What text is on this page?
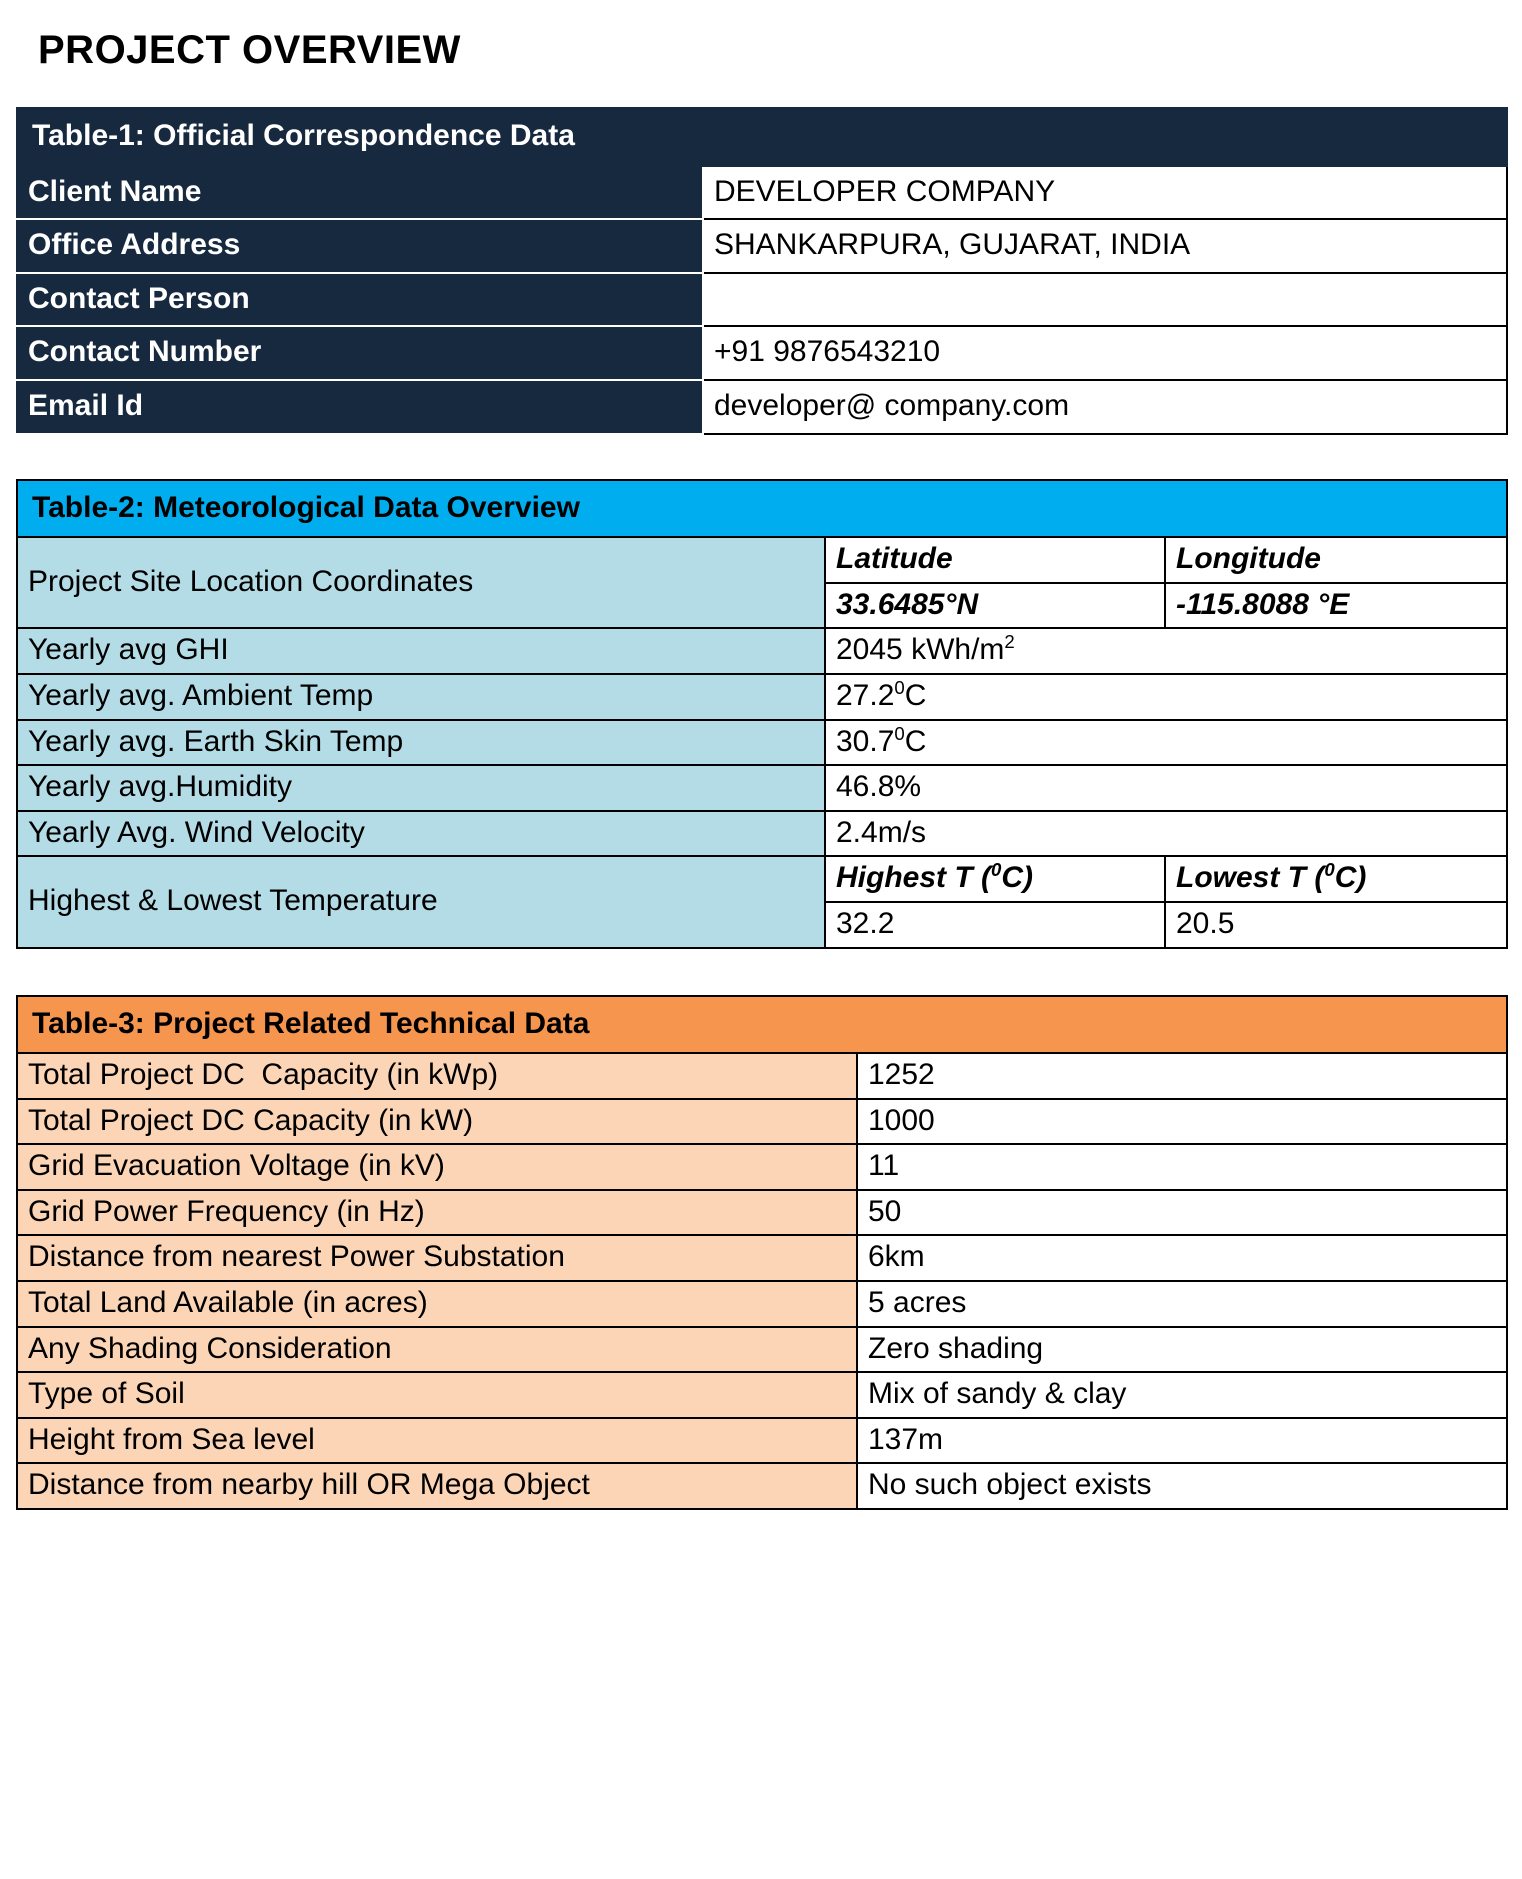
PROJECT OVERVIEW
Table-1: Official Correspondence Data	
Client Name	DEVELOPER COMPANY
Office Address	SHANKARPURA, GUJARAT, INDIA
Contact Person	
Contact Number	+91 9876543210
Email Id	developer@ company.com
Table-2: Meteorological Data Overview		
Project Site Location Coordinates	Latitude	Longitude
	33.6485°N	-115.8088 °E
Yearly avg GHI	2045 kWh/$m^2$
Yearly avg. Ambient Temp	27.2$^0$C	
Yearly avg. Earth Skin Temp	30.7$^0$C	
Yearly avg.Humidity	46.8%	
Yearly Avg. Wind Velocity	2.4m/s	
Highest & Lowest Temperature	Highest T ($^0$C)	Lowest T ($^0$C)
	32.2	20.5
Table-3: Project Related Technical Data	
Total Project DC  Capacity (in kWp)	1252
Total Project DC Capacity (in kW)	1000
Grid Evacuation Voltage (in kV)	11
Grid Power Frequency (in Hz)	50
Distance from nearest Power Substation	6km
Total Land Available (in acres)	5 acres
Any Shading Consideration	Zero shading
Type of Soil	Mix of sandy & clay
Height from Sea level	137m
Distance from nearby hill OR Mega Object	No such object exists
